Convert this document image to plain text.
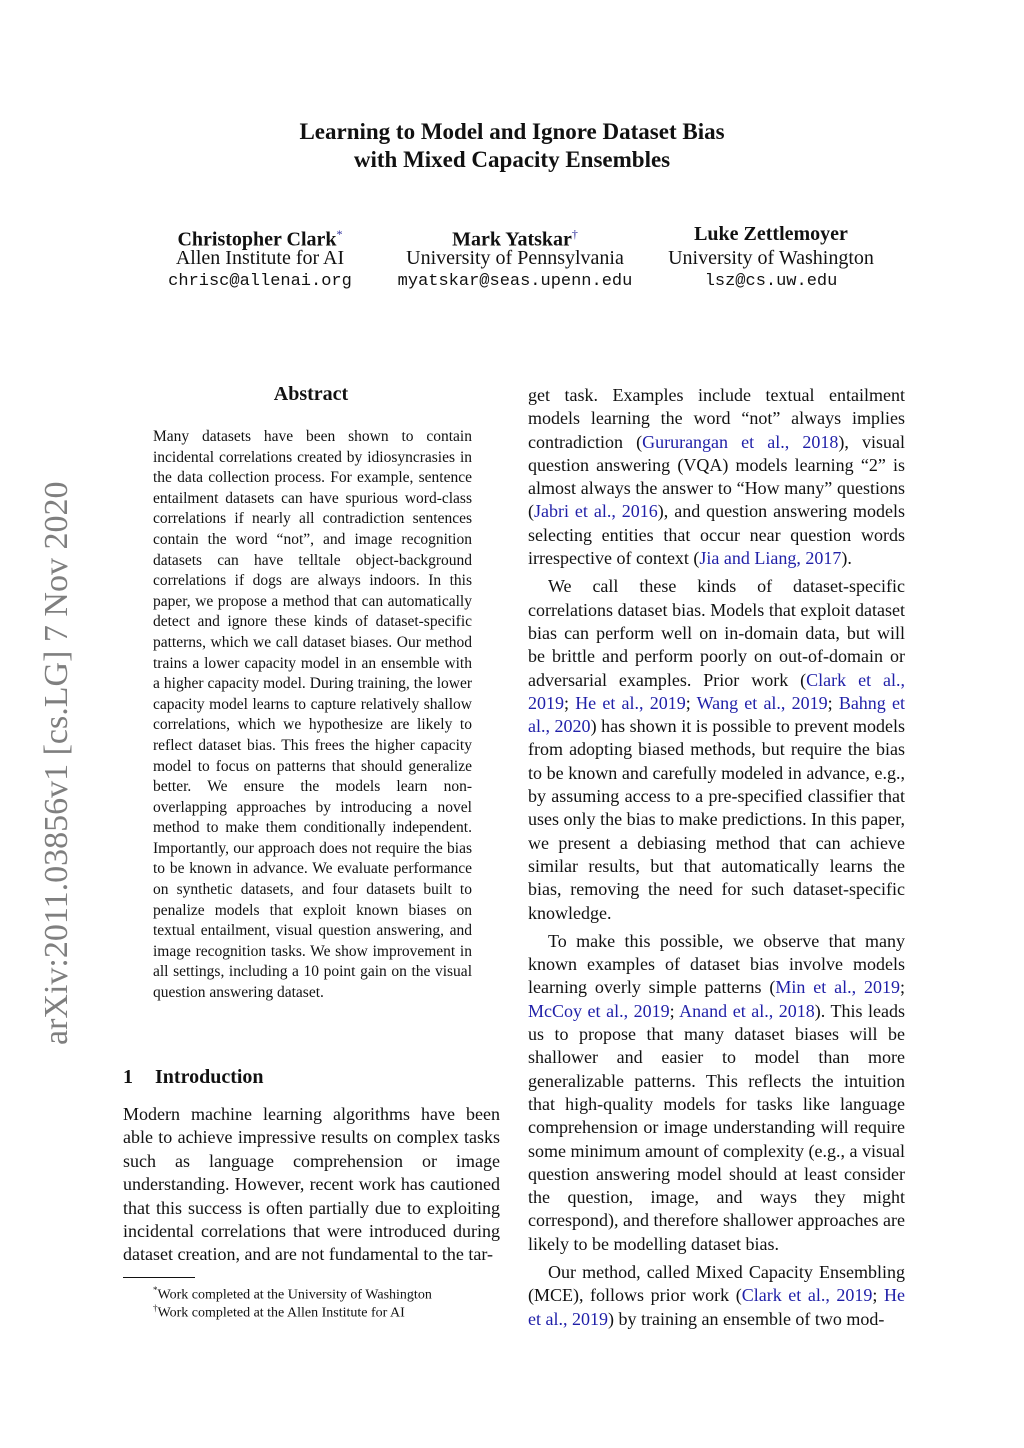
arXiv:2011.03856v1 [cs.LG] 7 Nov 2020
Learning to Model and Ignore Dataset Bias
with Mixed Capacity Ensembles
Christopher Clark*
Allen Institute for AI
chrisc@allenai.org
Mark Yatskar†
University of Pennsylvania
myatskar@seas.upenn.edu
Luke Zettlemoyer
University of Washington
lsz@cs.uw.edu
Abstract
Many datasets have been shown to contain incidental correlations created by idiosyncrasies in the data collection process. For example, sentence entailment datasets can have spurious word-class correlations if nearly all contradiction sentences contain the word “not”, and image recognition datasets can have telltale object-background correlations if dogs are always indoors. In this paper, we propose a method that can automatically detect and ignore these kinds of dataset-specific patterns, which we call dataset biases. Our method trains a lower capacity model in an ensemble with a higher capacity model. During training, the lower capacity model learns to capture relatively shallow correlations, which we hypothesize are likely to reflect dataset bias. This frees the higher capacity model to focus on patterns that should generalize better. We ensure the models learn non-overlapping approaches by introducing a novel method to make them conditionally independent. Importantly, our approach does not require the bias to be known in advance. We evaluate performance on synthetic datasets, and four datasets built to penalize models that exploit known biases on textual entailment, visual question answering, and image recognition tasks. We show improvement in all settings, including a 10 point gain on the visual question answering dataset.
1 Introduction
Modern machine learning algorithms have been able to achieve impressive results on complex tasks such as language comprehension or image understanding. However, recent work has cautioned that this success is often partially due to exploiting incidental correlations that were introduced during dataset creation, and are not fundamental to the tar-
*Work completed at the University of Washington
†Work completed at the Allen Institute for AI

get task. Examples include textual entailment models learning the word “not” always implies contradiction (Gururangan et al., 2018), visual question answering (VQA) models learning “2” is almost always the answer to “How many” questions (Jabri et al., 2016), and question answering models selecting entities that occur near question words irrespective of context (Jia and Liang, 2017).

We call these kinds of dataset-specific correlations dataset bias. Models that exploit dataset bias can perform well on in-domain data, but will be brittle and perform poorly on out-of-domain or adversarial examples. Prior work (Clark et al., 2019; He et al., 2019; Wang et al., 2019; Bahng et al., 2020) has shown it is possible to prevent models from adopting biased methods, but require the bias to be known and carefully modeled in advance, e.g., by assuming access to a pre-specified classifier that uses only the bias to make predictions. In this paper, we present a debiasing method that can achieve similar results, but that automatically learns the bias, removing the need for such dataset-specific knowledge.

To make this possible, we observe that many known examples of dataset bias involve models learning overly simple patterns (Min et al., 2019; McCoy et al., 2019; Anand et al., 2018). This leads us to propose that many dataset biases will be shallower and easier to model than more generalizable patterns. This reflects the intuition that high-quality models for tasks like language comprehension or image understanding will require some minimum amount of complexity (e.g., a visual question answering model should at least consider the question, image, and ways they might correspond), and therefore shallower approaches are likely to be modelling dataset bias.

Our method, called Mixed Capacity Ensembling (MCE), follows prior work (Clark et al., 2019; He et al., 2019) by training an ensemble of two mod-
